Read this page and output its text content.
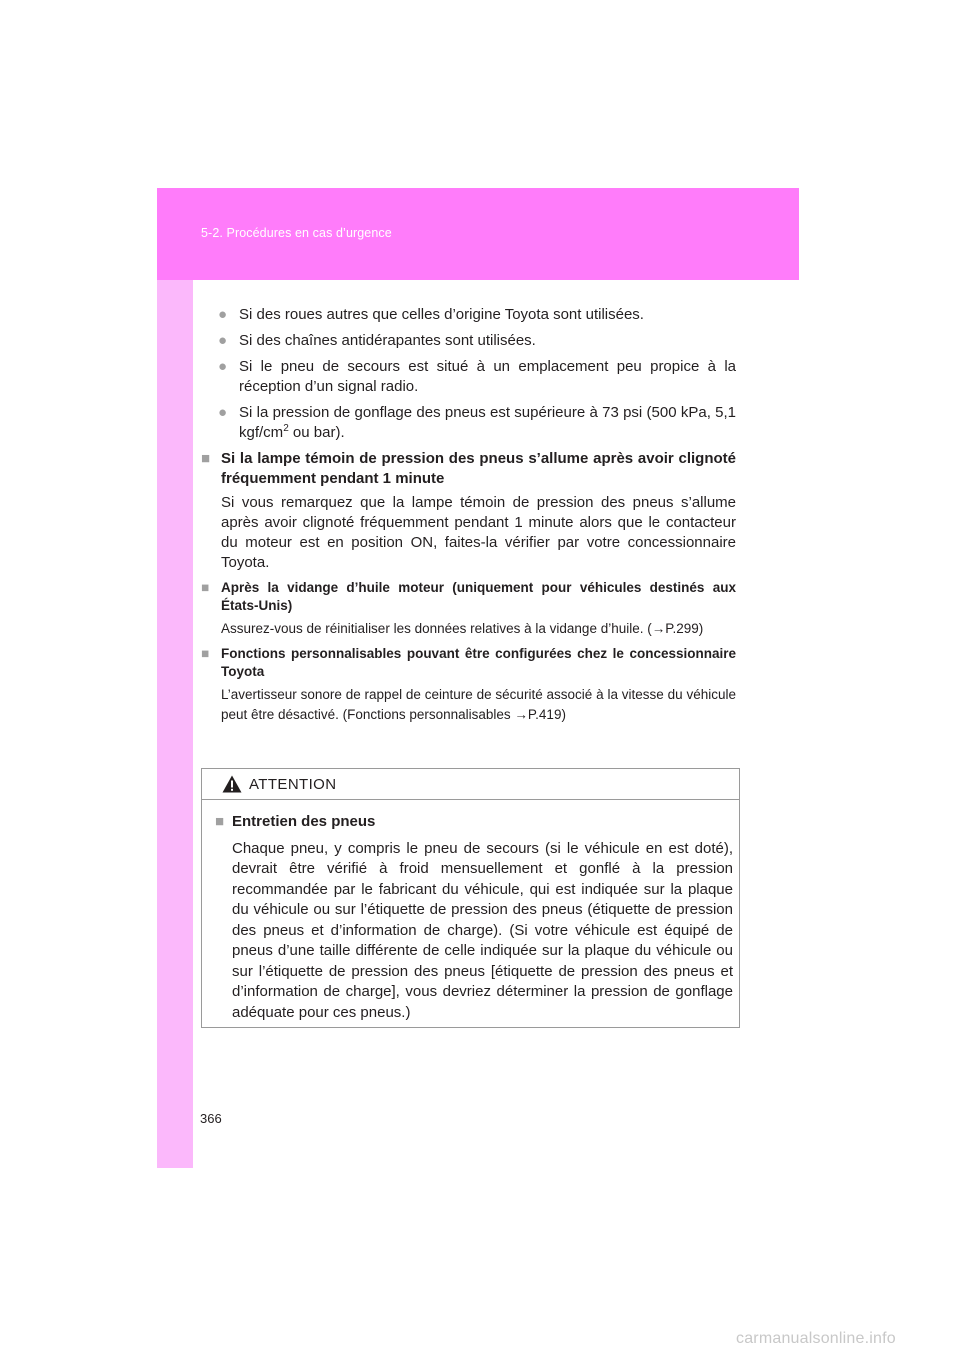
5-2. Procédures en cas d’urgence
● Si des roues autres que celles d’origine Toyota sont utilisées.
● Si des chaînes antidérapantes sont utilisées.
● Si le pneu de secours est situé à un emplacement peu propice à la réception d’un signal radio.
● Si la pression de gonflage des pneus est supérieure à 73 psi (500 kPa, 5,1 kgf/$cm^2$ ou bar).
■ Si la lampe témoin de pression des pneus s’allume après avoir clignoté fréquemment pendant 1 minute
Si vous remarquez que la lampe témoin de pression des pneus s’allume après avoir clignoté fréquemment pendant 1 minute alors que le contacteur du moteur est en position ON, faites-la vérifier par votre concessionnaire Toyota.
■ Après la vidange d’huile moteur (uniquement pour véhicules destinés aux États-Unis)
Assurez-vous de réinitialiser les données relatives à la vidange d’huile. (→P.299)
■ Fonctions personnalisables pouvant être configurées chez le concessionnaire Toyota
L’avertisseur sonore de rappel de ceinture de sécurité associé à la vitesse du véhicule peut être désactivé. (Fonctions personnalisables →P.419)
ATTENTION
■ Entretien des pneus
Chaque pneu, y compris le pneu de secours (si le véhicule en est doté), devrait être vérifié à froid mensuellement et gonflé à la pression recommandée par le fabricant du véhicule, qui est indiquée sur la plaque du véhicule ou sur l’étiquette de pression des pneus (étiquette de pression des pneus et d’information de charge). (Si votre véhicule est équipé de pneus d’une taille différente de celle indiquée sur la plaque du véhicule ou sur l’étiquette de pression des pneus [étiquette de pression des pneus et d’information de charge], vous devriez déterminer la pression de gonflage adéquate pour ces pneus.)
366
carmanualsonline.info
